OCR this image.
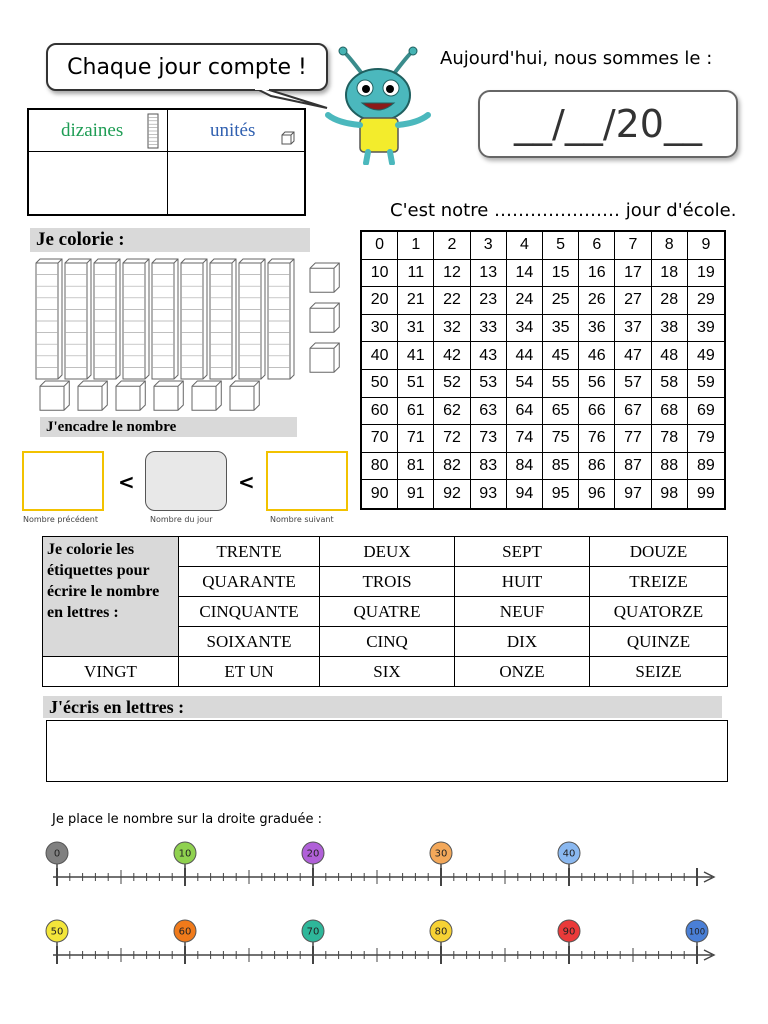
Chaque jour compte !
dizaines	unités
Aujourd'hui, nous sommes le :
__/__/20__
C'est notre ………………… jour d'école.
Je colorie :
J'encadre le nombre
<	<
Nombre précédent	Nombre du jour	Nombre suivant
0	1	2	3	4	5	6	7	8	9
10	11	12	13	14	15	16	17	18	19
20	21	22	23	24	25	26	27	28	29
30	31	32	33	34	35	36	37	38	39
40	41	42	43	44	45	46	47	48	49
50	51	52	53	54	55	56	57	58	59
60	61	62	63	64	65	66	67	68	69
70	71	72	73	74	75	76	77	78	79
80	81	82	83	84	85	86	87	88	89
90	91	92	93	94	95	96	97	98	99
Je colorie les étiquettes pour écrire le nombre en lettres :	TRENTE	DEUX	SEPT	DOUZE
	QUARANTE	TROIS	HUIT	TREIZE
	CINQUANTE	QUATRE	NEUF	QUATORZE
	SOIXANTE	CINQ	DIX	QUINZE
VINGT	ET UN	SIX	ONZE	SEIZE
J'écris en lettres :
Je place le nombre sur la droite graduée :
0	10	20	30	40
50	60	70	80	90	100
